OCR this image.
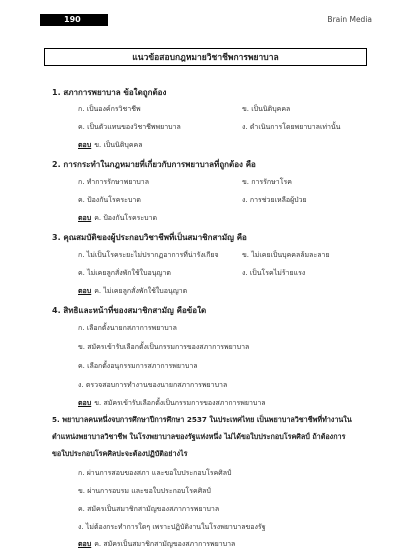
190	Brain Media
แนวข้อสอบกฎหมายวิชาชีพการพยาบาล
1. สภาการพยาบาล ข้อใดถูกต้อง
ก. เป็นองค์กรวิชาชีพ	ข. เป็นนิติบุคคล
ค. เป็นตัวแทนของวิชาชีพพยาบาล	ง. ดำเนินการโดยพยาบาลเท่านั้น
ตอบ ข. เป็นนิติบุคคล
2. การกระทำในกฎหมายที่เกี่ยวกับการพยาบาลที่ถูกต้อง คือ
ก. ทำการรักษาพยาบาล	ข. การรักษาโรค
ค. ป้องกันโรคระบาด	ง. การช่วยเหลือผู้ป่วย
ตอบ ค. ป้องกันโรคระบาด
3. คุณสมบัติของผู้ประกอบวิชาชีพที่เป็นสมาชิกสามัญ คือ
ก. ไม่เป็นโรคระยะไม่ปรากฏอาการที่น่ารังเกียจ	ข. ไม่เคยเป็นบุคคลล้มละลาย
ค. ไม่เคยลูกสั่งพักใช้ใบอนุญาต	ง. เป็นโรคไม่ร้ายแรง
ตอบ ค. ไม่เคยลูกสั่งพักใช้ใบอนุญาต
4. สิทธิและหน้าที่ของสมาชิกสามัญ คือข้อใด
ก. เลือกตั้งนายกสภาการพยาบาล
ข. สมัครเข้ารับเลือกตั้งเป็นกรรมการของสภาการพยาบาล
ค. เลือกตั้งอนุกรรมการสภาการพยาบาล
ง. ตรวจสอบการทำงานของนายกสภาการพยาบาล
ตอบ ข. สมัครเข้ารับเลือกตั้งเป็นกรรมการของสภาการพยาบาล
5. พยาบาลคนหนึ่งจบการศึกษาปีการศึกษา 2537 ในประเทศไทย เป็นพยาบาลวิชาชีพที่ทำงานใน
ตำแหน่งพยาบาลวิชาชีพ ในโรงพยาบาลของรัฐแห่งหนึ่ง ไม่ได้ขอใบประกอบโรคศิลป์ ถ้าต้องการ
ขอใบประกอบโรคศิลปะจะต้องปฏิบัติอย่างไร
ก. ผ่านการสอบของสภา และขอใบประกอบโรคศิลป์
ข. ผ่านการอบรม และขอใบประกอบโรคศิลป์
ค. สมัครเป็นสมาชิกสามัญของสภาการพยาบาล
ง. ไม่ต้องกระทำการใดๆ เพราะปฏิบัติงานในโรงพยาบาลของรัฐ
ตอบ ค. สมัครเป็นสมาชิกสามัญของสภาการพยาบาล
